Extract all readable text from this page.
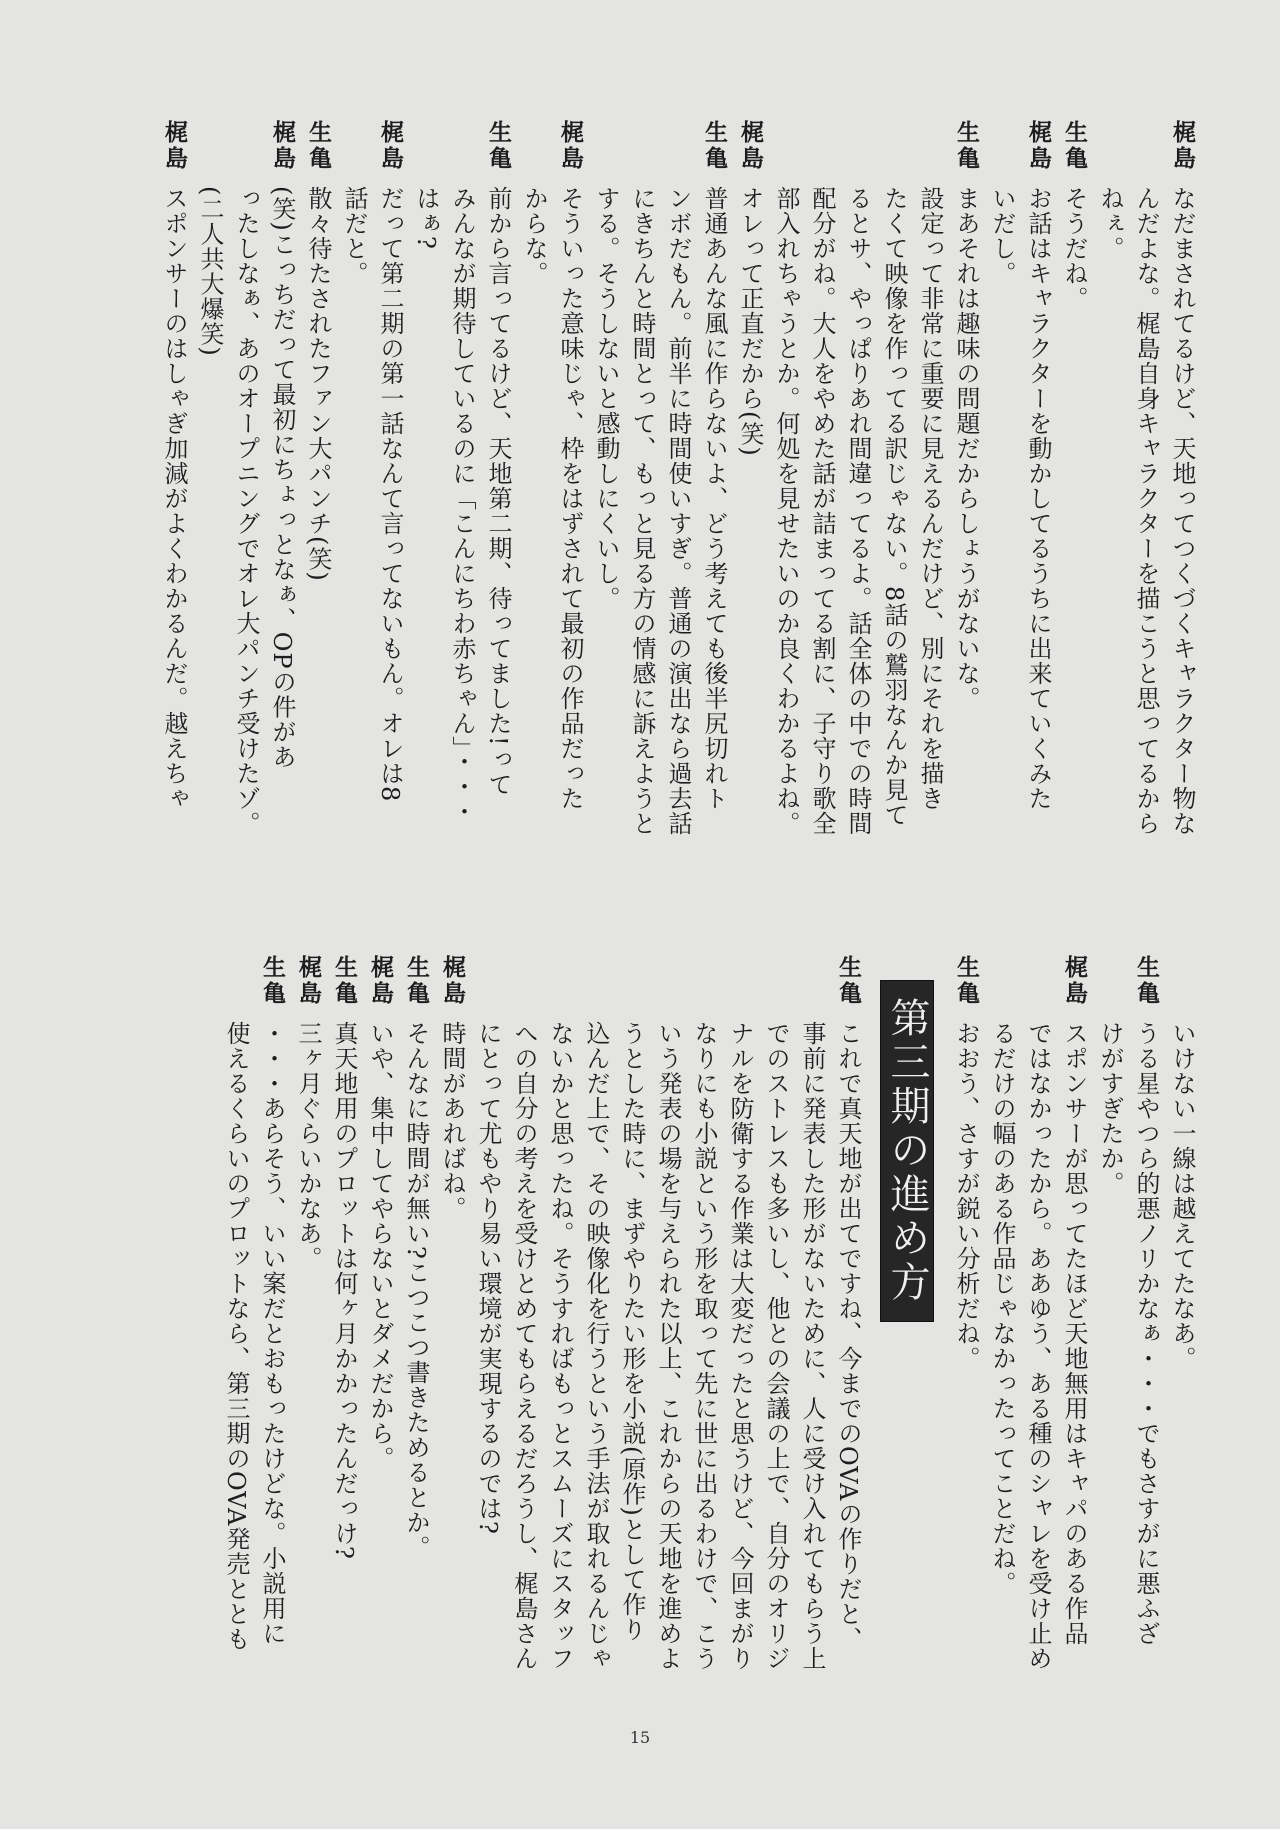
梶島
なだまされてるけど、天地ってつくづくキャラクター物な
んだよな。梶島自身キャラクターを描こうと思ってるから
ねぇ。
生亀
そうだね。
梶島
お話はキャラクターを動かしてるうちに出来ていくみた
いだし。
生亀
まあそれは趣味の問題だからしょうがないな。
設定って非常に重要に見えるんだけど、別にそれを描き
たくて映像を作ってる訳じゃない。8話の鷲羽なんか見て
るとサ、やっぱりあれ間違ってるよ。話全体の中での時間
配分がね。大人をやめた話が詰まってる割に、子守り歌全
部入れちゃうとか。何処を見せたいのか良くわかるよね。
梶島
オレって正直だから(笑)
生亀
普通あんな風に作らないよ、どう考えても後半尻切れト
ンボだもん。前半に時間使いすぎ。普通の演出なら過去話
にきちんと時間とって、もっと見る方の情感に訴えようと
する。そうしないと感動しにくいし。
梶島
そういった意味じゃ、枠をはずされて最初の作品だった
からな。
生亀
前から言ってるけど、天地第二期、待ってました!って
みんなが期待しているのに「こんにちわ赤ちゃん」・・・
はぁ?
梶島
だって第二期の第一話なんて言ってないもん。オレは8
話だと。
生亀
散々待たされたファン大パンチ(笑)
梶島
(笑)こっちだって最初にちょっとなぁ、OPの件があ
ったしなぁ、あのオープニングでオレ大パンチ受けたゾ。
(二人共大爆笑)
梶島
スポンサーのはしゃぎ加減がよくわかるんだ。越えちゃ
いけない一線は越えてたなあ。
生亀
うる星やつら的悪ノリかなぁ・・・でもさすがに悪ふざ
けがすぎたか。
梶島
スポンサーが思ってたほど天地無用はキャパのある作品
ではなかったから。ああゆう、ある種のシャレを受け止め
るだけの幅のある作品じゃなかったってことだね。
生亀
おおう、さすが鋭い分析だね。
第三期の進め方
生亀
これで真天地が出てですね、今までのOVAの作りだと、
事前に発表した形がないために、人に受け入れてもらう上
でのストレスも多いし、他との会議の上で、自分のオリジ
ナルを防衛する作業は大変だったと思うけど、今回まがり
なりにも小説という形を取って先に世に出るわけで、こう
いう発表の場を与えられた以上、これからの天地を進めよ
うとした時に、まずやりたい形を小説(原作)として作り
込んだ上で、その映像化を行うという手法が取れるんじゃ
ないかと思ったね。そうすればもっとスムーズにスタッフ
への自分の考えを受けとめてもらえるだろうし、梶島さん
にとって尤もやり易い環境が実現するのでは?
梶島
時間があればね。
生亀
そんなに時間が無い?こつこつ書きためるとか。
梶島
いや、集中してやらないとダメだから。
生亀
真天地用のプロットは何ヶ月かかったんだっけ?
梶島
三ヶ月ぐらいかなあ。
生亀
・・・あらそう、いい案だとおもったけどな。小説用に
使えるくらいのプロットなら、第三期のOVA発売ととも
15
